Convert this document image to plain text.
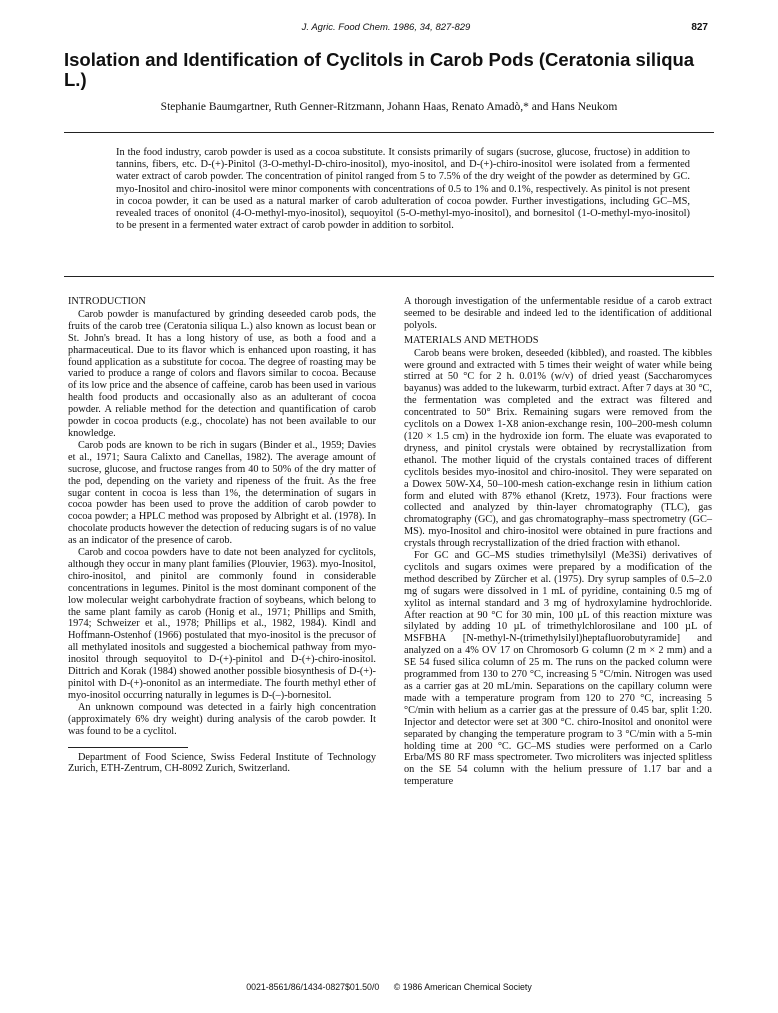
J. Agric. Food Chem. 1986, 34, 827-829	827
Isolation and Identification of Cyclitols in Carob Pods (Ceratonia siliqua L.)
Stephanie Baumgartner, Ruth Genner-Ritzmann, Johann Haas, Renato Amadò,* and Hans Neukom

In the food industry, carob powder is used as a cocoa substitute. It consists primarily of sugars (sucrose, glucose, fructose) in addition to tannins, fibers, etc. D-(+)-Pinitol (3-O-methyl-D-chiro-inositol), myo-inositol, and D-(+)-chiro-inositol were isolated from a fermented water extract of carob powder. The concentration of pinitol ranged from 5 to 7.5% of the dry weight of the powder as determined by GC. myo-Inositol and chiro-inositol were minor components with concentrations of 0.5 to 1% and 0.1%, respectively. As pinitol is not present in cocoa powder, it can be used as a natural marker of carob adulteration of cocoa powder. Further investigations, including GC–MS, revealed traces of ononitol (4-O-methyl-myo-inositol), sequoyitol (5-O-methyl-myo-inositol), and bornesitol (1-O-methyl-myo-inositol) to be present in a fermented water extract of carob powder in addition to sorbitol.

INTRODUCTION

Carob powder is manufactured by grinding deseeded carob pods, the fruits of the carob tree (Ceratonia siliqua L.) also known as locust bean or St. John's bread. It has a long history of use, as both a food and a pharmaceutical. Due to its flavor which is enhanced upon roasting, it has found application as a substitute for cocoa. The degree of roasting may be varied to produce a range of colors and flavors similar to cocoa. Because of its low price and the absence of caffeine, carob has been used in various health food products and occasionally also as an adulterant of cocoa powder. A reliable method for the detection and quantification of carob powder in cocoa products (e.g., chocolate) has not been available to our knowledge.

Carob pods are known to be rich in sugars (Binder et al., 1959; Davies et al., 1971; Saura Calixto and Canellas, 1982). The average amount of sucrose, glucose, and fructose ranges from 40 to 50% of the dry matter of the pod, depending on the variety and ripeness of the fruit. As the free sugar content in cocoa is less than 1%, the determination of sugars in cocoa powder has been used to prove the addition of carob powder to cocoa powder; a HPLC method was proposed by Albright et al. (1978). In chocolate products however the detection of reducing sugars is of no value as an indicator of the presence of carob.

Carob and cocoa powders have to date not been analyzed for cyclitols, although they occur in many plant families (Plouvier, 1963). myo-Inositol, chiro-inositol, and pinitol are commonly found in considerable concentrations in legumes. Pinitol is the most dominant component of the low molecular weight carbohydrate fraction of soybeans, which belong to the same plant family as carob (Honig et al., 1971; Phillips and Smith, 1974; Schweizer et al., 1978; Phillips et al., 1982, 1984). Kindl and Hoffmann-Ostenhof (1966) postulated that myo-inositol is the precusor of all methylated inositols and suggested a biochemical pathway from myo-inositol through sequoyitol to D-(+)-pinitol and D-(+)-chiro-inositol. Dittrich and Korak (1984) showed another possible biosynthesis of D-(+)-pinitol with D-(+)-ononitol as an intermediate. The fourth methyl ether of myo-inositol occurring naturally in legumes is D-(–)-bornesitol.

An unknown compound was detected in a fairly high concentration (approximately 6% dry weight) during analysis of the carob powder. It was found to be a cyclitol.

Department of Food Science, Swiss Federal Institute of Technology Zurich, ETH-Zentrum, CH-8092 Zurich, Switzerland.

A thorough investigation of the unfermentable residue of a carob extract seemed to be desirable and indeed led to the identification of additional polyols.

MATERIALS AND METHODS

Carob beans were broken, deseeded (kibbled), and roasted. The kibbles were ground and extracted with 5 times their weight of water while being stirred at 50 °C for 2 h. 0.01% (w/v) of dried yeast (Saccharomyces bayanus) was added to the lukewarm, turbid extract. After 7 days at 30 °C, the fermentation was completed and the extract was filtered and concentrated to 50° Brix. Remaining sugars were removed from the cyclitols on a Dowex 1-X8 anion-exchange resin, 100–200-mesh column (120 × 1.5 cm) in the hydroxide ion form. The eluate was evaporated to dryness, and pinitol crystals were obtained by recrystallization from ethanol. The mother liquid of the crystals contained traces of different cyclitols besides myo-inositol and chiro-inositol. They were separated on a Dowex 50W-X4, 50–100-mesh cation-exchange resin in lithium cation form and eluted with 87% ethanol (Kretz, 1973). Four fractions were collected and analyzed by thin-layer chromatography (TLC), gas chromatography (GC), and gas chromatography–mass spectrometry (GC–MS). myo-Inositol and chiro-inositol were obtained in pure fractions and crystals through recrystallization of the dried fraction with ethanol.

For GC and GC–MS studies trimethylsilyl (Me3Si) derivatives of cyclitols and sugars oximes were prepared by a modification of the method described by Zürcher et al. (1975). Dry syrup samples of 0.5–2.0 mg of sugars were dissolved in 1 mL of pyridine, containing 0.5 mg of xylitol as internal standard and 3 mg of hydroxylamine hydrochloride. After reaction at 90 °C for 30 min, 100 µL of this reaction mixture was silylated by adding 10 µL of trimethylchlorosilane and 100 µL of MSFBHA [N-methyl-N-(trimethylsilyl)heptafluorobutyramide] and analyzed on a 4% OV 17 on Chromosorb G column (2 m × 2 mm) and a SE 54 fused silica column of 25 m. The runs on the packed column were programmed from 130 to 270 °C, increasing 5 °C/min. Nitrogen was used as a carrier gas at 20 mL/min. Separations on the capillary column were made with a temperature program from 120 to 270 °C, increasing 5 °C/min with helium as a carrier gas at the pressure of 0.45 bar, split 1:20. Injector and detector were set at 300 °C. chiro-Inositol and ononitol were separated by changing the temperature program to 3 °C/min with a 5-min holding time at 200 °C. GC–MS studies were performed on a Carlo Erba/MS 80 RF mass spectrometer. Two microliters was injected splitless on the SE 54 column with the helium pressure of 1.17 bar and a temperature

0021-8561/86/1434-0827$01.50/0 © 1986 American Chemical Society
